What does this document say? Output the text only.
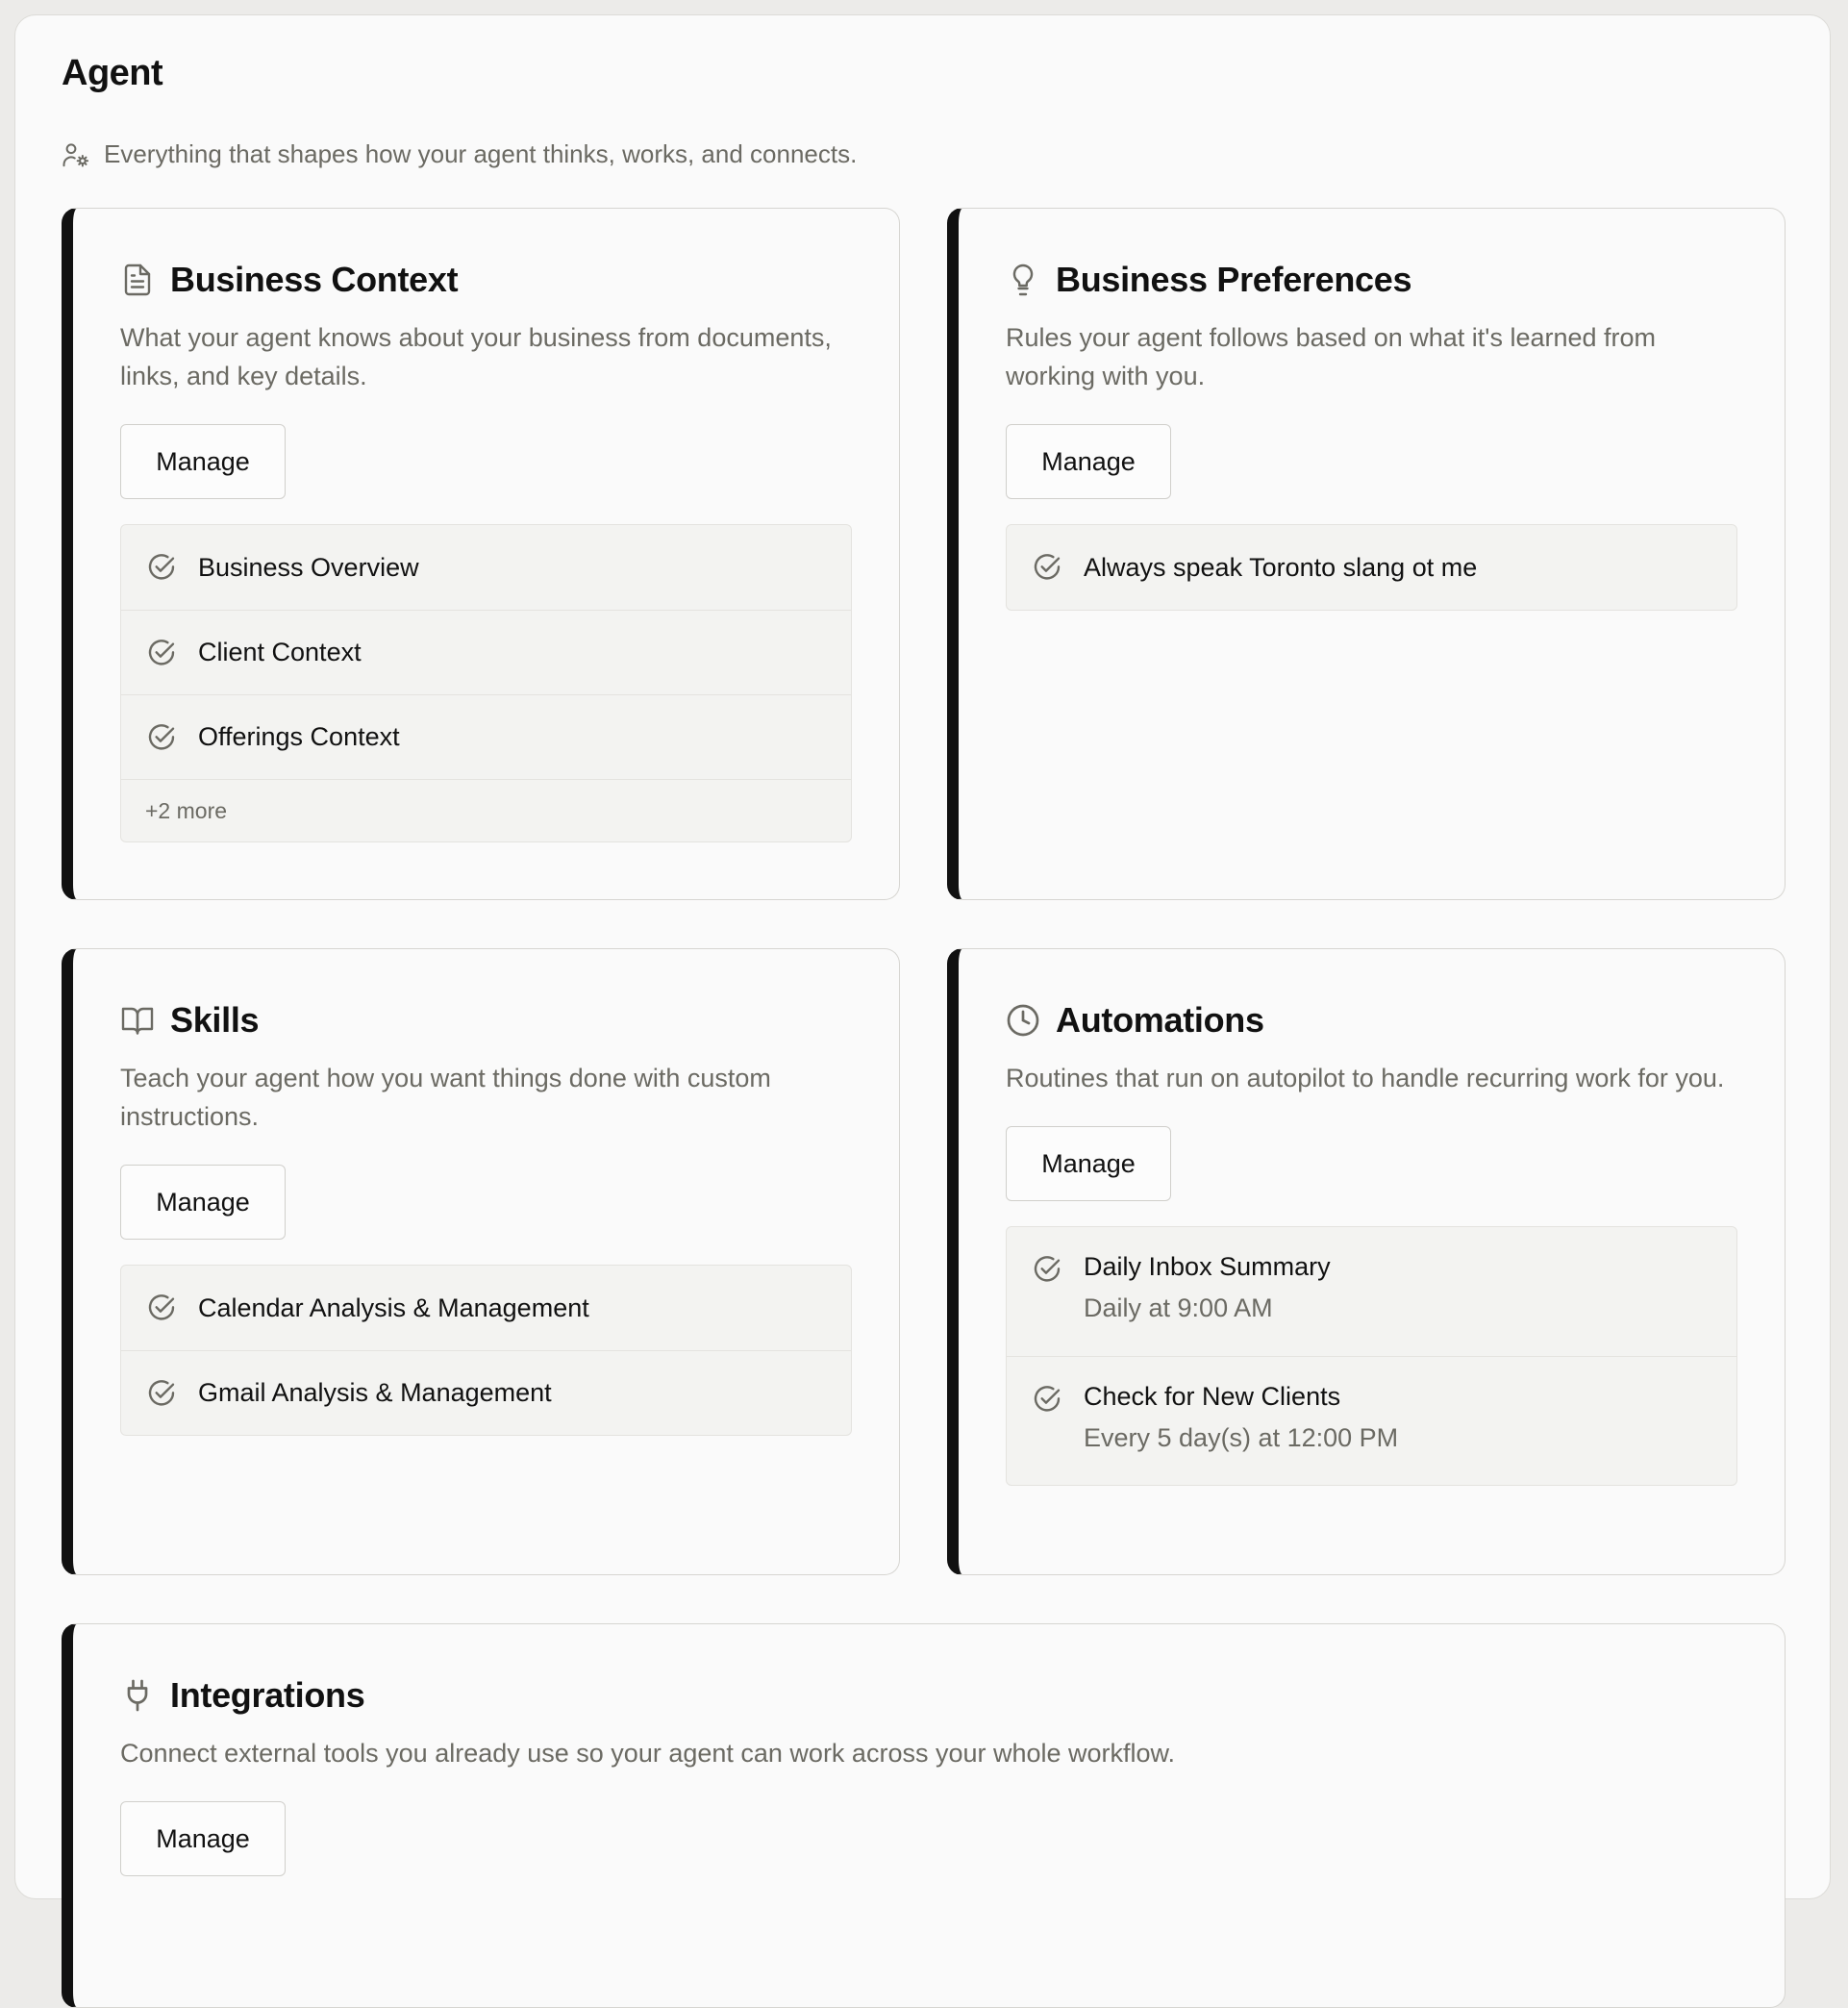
Agent
Everything that shapes how your agent thinks, works, and connects.
Business Context
What your agent knows about your business from documents, links, and key details.
Manage
Business Overview
Client Context
Offerings Context
+2 more
Business Preferences
Rules your agent follows based on what it's learned from working with you.
Manage
Always speak Toronto slang ot me
Skills
Teach your agent how you want things done with custom instructions.
Manage
Calendar Analysis & Management
Gmail Analysis & Management
Automations
Routines that run on autopilot to handle recurring work for you.
Manage
Daily Inbox Summary
Daily at 9:00 AM
Check for New Clients
Every 5 day(s) at 12:00 PM
Integrations
Connect external tools you already use so your agent can work across your whole workflow.
Manage
